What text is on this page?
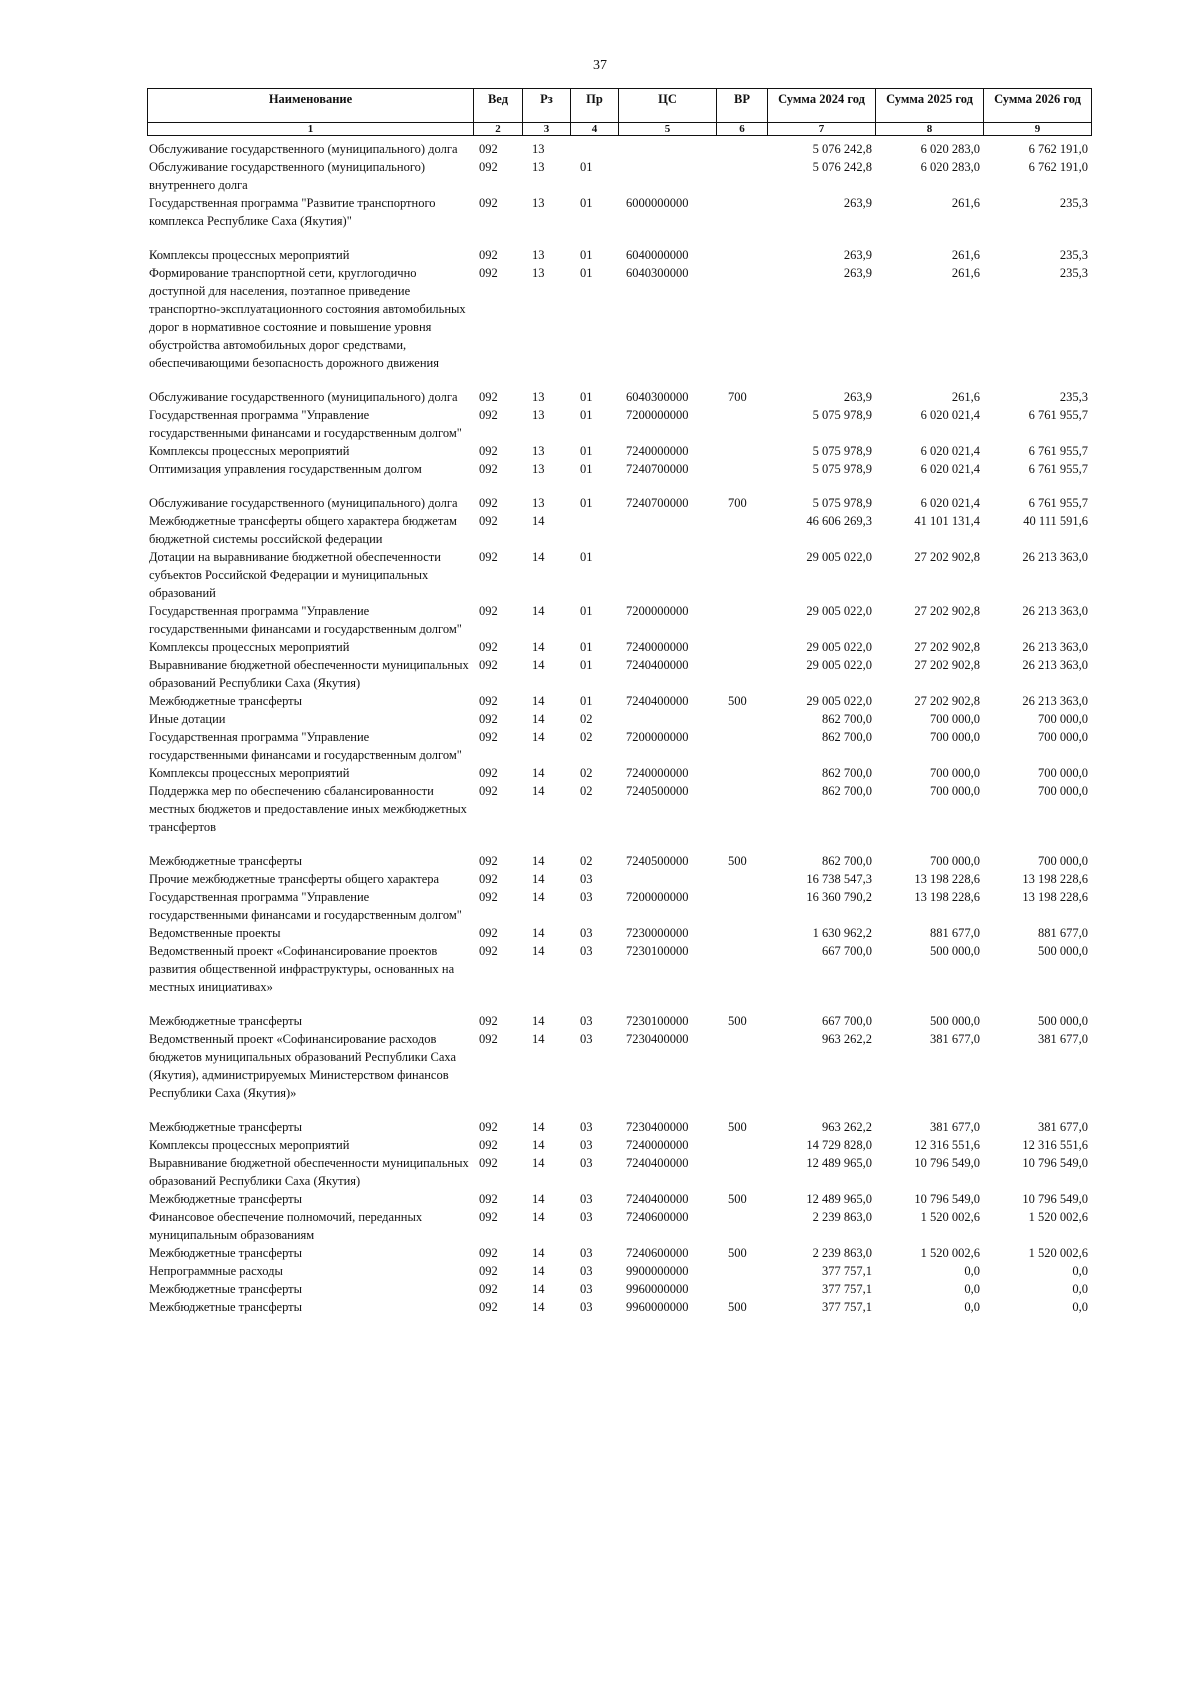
37
Наименование	Вед	Рз	Пр	ЦС	ВР	Сумма 2024 год	Сумма 2025 год	Сумма 2026 год
1	2	3	4	5	6	7	8	9
Обслуживание государственного (муниципального) долга	092	13				5 076 242,8	6 020 283,0	6 762 191,0
Обслуживание государственного (муниципального) внутреннего долга	092	13	01			5 076 242,8	6 020 283,0	6 762 191,0
Государственная программа "Развитие транспортного комплекса Республике Саха (Якутия)"	092	13	01	6000000000		263,9	261,6	235,3
Комплексы процессных мероприятий	092	13	01	6040000000		263,9	261,6	235,3
Формирование транспортной сети, круглогодично доступной для населения, поэтапное приведение транспортно-эксплуатационного состояния автомобильных дорог в нормативное состояние и повышение уровня обустройства автомобильных дорог средствами, обеспечивающими безопасность дорожного движения	092	13	01	6040300000		263,9	261,6	235,3
Обслуживание государственного (муниципального) долга	092	13	01	6040300000	700	263,9	261,6	235,3
Государственная программа "Управление государственными финансами и государственным долгом"	092	13	01	7200000000		5 075 978,9	6 020 021,4	6 761 955,7
Комплексы процессных мероприятий	092	13	01	7240000000		5 075 978,9	6 020 021,4	6 761 955,7
Оптимизация управления государственным долгом	092	13	01	7240700000		5 075 978,9	6 020 021,4	6 761 955,7
Обслуживание государственного (муниципального) долга	092	13	01	7240700000	700	5 075 978,9	6 020 021,4	6 761 955,7
Межбюджетные трансферты общего характера бюджетам бюджетной системы российской федерации	092	14				46 606 269,3	41 101 131,4	40 111 591,6
Дотации на выравнивание бюджетной обеспеченности субъектов Российской Федерации и муниципальных образований	092	14	01			29 005 022,0	27 202 902,8	26 213 363,0
Государственная программа "Управление государственными финансами и государственным долгом"	092	14	01	7200000000		29 005 022,0	27 202 902,8	26 213 363,0
Комплексы процессных мероприятий	092	14	01	7240000000		29 005 022,0	27 202 902,8	26 213 363,0
Выравнивание бюджетной обеспеченности муниципальных образований Республики Саха (Якутия)	092	14	01	7240400000		29 005 022,0	27 202 902,8	26 213 363,0
Межбюджетные трансферты	092	14	01	7240400000	500	29 005 022,0	27 202 902,8	26 213 363,0
Иные дотации	092	14	02			862 700,0	700 000,0	700 000,0
Государственная программа "Управление государственными финансами и государственным долгом"	092	14	02	7200000000		862 700,0	700 000,0	700 000,0
Комплексы процессных мероприятий	092	14	02	7240000000		862 700,0	700 000,0	700 000,0
Поддержка мер по обеспечению сбалансированности местных бюджетов и предоставление иных межбюджетных трансфертов	092	14	02	7240500000		862 700,0	700 000,0	700 000,0
Межбюджетные трансферты	092	14	02	7240500000	500	862 700,0	700 000,0	700 000,0
Прочие межбюджетные трансферты общего характера	092	14	03			16 738 547,3	13 198 228,6	13 198 228,6
Государственная программа "Управление государственными финансами и государственным долгом"	092	14	03	7200000000		16 360 790,2	13 198 228,6	13 198 228,6
Ведомственные проекты	092	14	03	7230000000		1 630 962,2	881 677,0	881 677,0
Ведомственный проект «Софинансирование проектов развития общественной инфраструктуры, основанных на местных инициативах»	092	14	03	7230100000		667 700,0	500 000,0	500 000,0
Межбюджетные трансферты	092	14	03	7230100000	500	667 700,0	500 000,0	500 000,0
Ведомственный проект «Софинансирование расходов бюджетов муниципальных образований Республики Саха (Якутия), администрируемых Министерством финансов Республики Саха (Якутия)»	092	14	03	7230400000		963 262,2	381 677,0	381 677,0
Межбюджетные трансферты	092	14	03	7230400000	500	963 262,2	381 677,0	381 677,0
Комплексы процессных мероприятий	092	14	03	7240000000		14 729 828,0	12 316 551,6	12 316 551,6
Выравнивание бюджетной обеспеченности муниципальных образований Республики Саха (Якутия)	092	14	03	7240400000		12 489 965,0	10 796 549,0	10 796 549,0
Межбюджетные трансферты	092	14	03	7240400000	500	12 489 965,0	10 796 549,0	10 796 549,0
Финансовое обеспечение полномочий, переданных муниципальным образованиям	092	14	03	7240600000		2 239 863,0	1 520 002,6	1 520 002,6
Межбюджетные трансферты	092	14	03	7240600000	500	2 239 863,0	1 520 002,6	1 520 002,6
Непрограммные расходы	092	14	03	9900000000		377 757,1	0,0	0,0
Межбюджетные трансферты	092	14	03	9960000000		377 757,1	0,0	0,0
Межбюджетные трансферты	092	14	03	9960000000	500	377 757,1	0,0	0,0
